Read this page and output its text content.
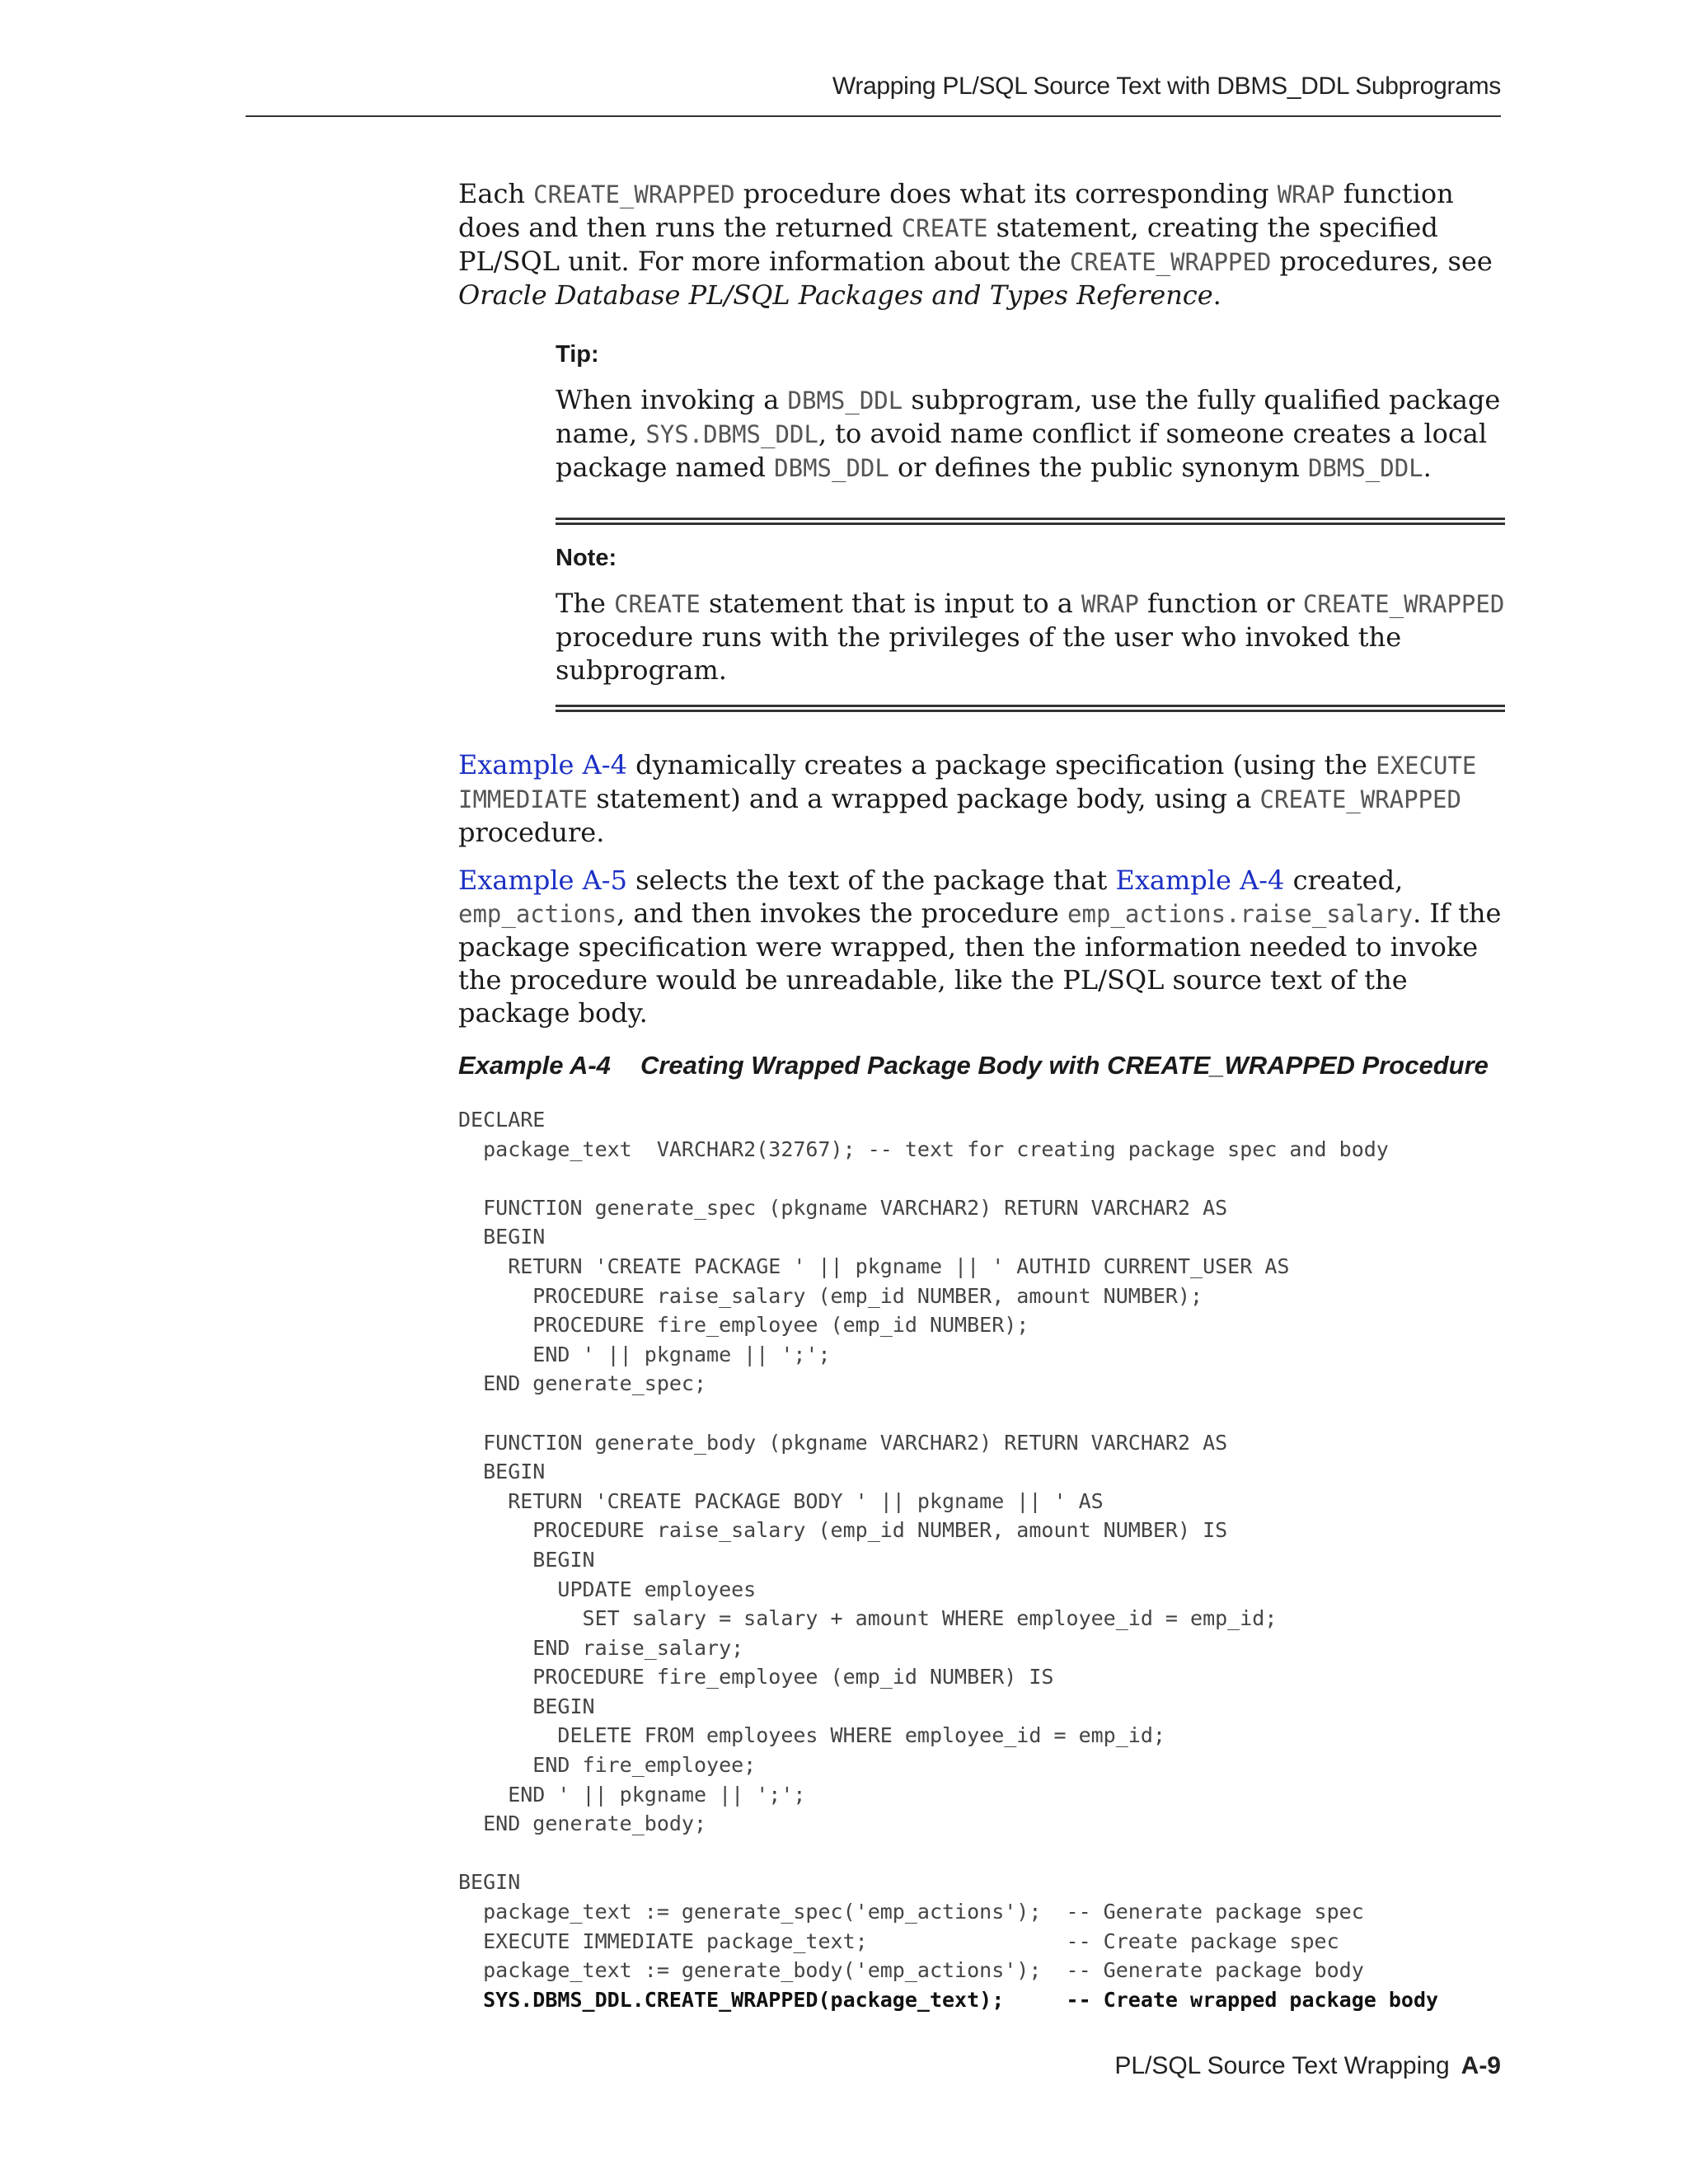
Wrapping PL/SQL Source Text with DBMS_DDL Subprograms

Each CREATE_WRAPPED procedure does what its corresponding WRAP function does and then runs the returned CREATE statement, creating the specified PL/SQL unit. For more information about the CREATE_WRAPPED procedures, see Oracle Database PL/SQL Packages and Types Reference.

Tip:

When invoking a DBMS_DDL subprogram, use the fully qualified package name, SYS.DBMS_DDL, to avoid name conflict if someone creates a local package named DBMS_DDL or defines the public synonym DBMS_DDL.

Note:

The CREATE statement that is input to a WRAP function or CREATE_WRAPPED procedure runs with the privileges of the user who invoked the subprogram.

Example A-4 dynamically creates a package specification (using the EXECUTE IMMEDIATE statement) and a wrapped package body, using a CREATE_WRAPPED procedure.

Example A-5 selects the text of the package that Example A-4 created, emp_actions, and then invokes the procedure emp_actions.raise_salary. If the package specification were wrapped, then the information needed to invoke the procedure would be unreadable, like the PL/SQL source text of the package body.

Example A-4 Creating Wrapped Package Body with CREATE_WRAPPED Procedure
DECLARE
package_text  VARCHAR2(32767); -- text for creating package spec and body

FUNCTION generate_spec (pkgname VARCHAR2) RETURN VARCHAR2 AS
BEGIN
RETURN 'CREATE PACKAGE ' || pkgname || ' AUTHID CURRENT_USER AS
PROCEDURE raise_salary (emp_id NUMBER, amount NUMBER);
PROCEDURE fire_employee (emp_id NUMBER);
END ' || pkgname || ';';
END generate_spec;

FUNCTION generate_body (pkgname VARCHAR2) RETURN VARCHAR2 AS
BEGIN
RETURN 'CREATE PACKAGE BODY ' || pkgname || ' AS
PROCEDURE raise_salary (emp_id NUMBER, amount NUMBER) IS
BEGIN
UPDATE employees
SET salary = salary + amount WHERE employee_id = emp_id;
END raise_salary;
PROCEDURE fire_employee (emp_id NUMBER) IS
BEGIN
DELETE FROM employees WHERE employee_id = emp_id;
END fire_employee;
END ' || pkgname || ';';
END generate_body;

BEGIN
package_text := generate_spec('emp_actions');  -- Generate package spec
EXECUTE IMMEDIATE package_text;                -- Create package spec
package_text := generate_body('emp_actions');  -- Generate package body
SYS.DBMS_DDL.CREATE_WRAPPED(package_text);     -- Create wrapped package body
PL/SQL Source Text Wrapping A-9
